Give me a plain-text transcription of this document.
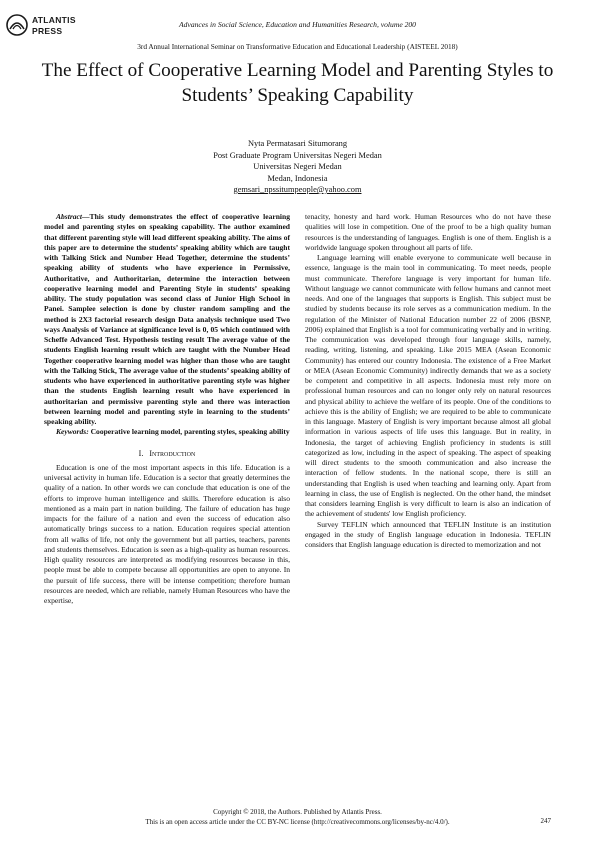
ATLANTIS
PRESS
Advances in Social Science, Education and Humanities Research, volume 200
3rd Annual International Seminar on Transformative Education and Educational Leadership (AISTEEL 2018)
The Effect of Cooperative Learning Model and Parenting Styles to Students’ Speaking Capability
Nyta Permatasari Situmorang
Post Graduate Program Universitas Negeri Medan
Universitas Negeri Medan
Medan, Indonesia
gemsari_npssitumpeople@yahoo.com

Abstract—This study demonstrates the effect of cooperative learning model and parenting styles on speaking capability. The author examined that different parenting style will lead different speaking ability. The aims of this paper are to determine the students’ speaking ability which are taught with Talking Stick and Number Head Together, determine the students’ speaking ability of students who have experience in Permissive, Authoritative, and Authoritarian, determine the interaction between cooperative learning model and Parenting Style in students’ speaking ability. The study population was second class of Junior High School in Panei. Samplee selection is done by cluster random sampling and the method is 2X3 factorial research design Data analysis technique used Two ways Analysis of Variance at significance level is 0, 05 which continued with Scheffe Advanced Test. Hypothesis testing result The average value of the students English learning result which are taught with the Number Head Together cooperative learning model was higher than those who are taught with the Talking Stick, The average value of the students’ speaking ability of students who have experienced in authoritative parenting style was higher than the students English learning result who have experienced in authoritarian and permissive parenting style and there was interaction between learning model and parenting style in learning to the students’ speaking ability.

Keywords: Cooperative learning model, parenting styles, speaking ability

I. Introduction

Education is one of the most important aspects in this life. Education is a universal activity in human life. Education is a sector that greatly determines the quality of a nation. In other words we can conclude that education is one of the efforts to improve human intelligence and skills. Therefore education is also mentioned as a main part in nation building. The failure of education has huge impacts for the failure of a nation and even the success of education also automatically brings success to a nation. Education requires special attention from all walks of life, not only the government but all parties, teachers, parents and students themselves. Education is seen as a high-quality as human resources. High quality resources are interpreted as modifying resources because in this, people must be able to compete because all opportunities are open to anyone. In the pursuit of life success, there will be intense competition; therefore human resources are needed, which are reliable, namely Human Resources who have the expertise,

tenacity, honesty and hard work. Human Resources who do not have these qualities will lose in competition. One of the proof to be a high quality human resources is the understanding of languages. English is one of them. English is a worldwide language spoken throughout all parts of life.

Language learning will enable everyone to communicate well because in essence, language is the main tool in communicating. To meet needs, people must communicate. Therefore language is very important for human life. Without language we cannot communicate with fellow humans and cannot meet needs. And one of the languages that supports is English. This subject must be studied by students because its role serves as a communication medium. In the regulation of the Minister of National Education number 22 of 2006 (BSNP, 2006) explained that English is a tool for communicating verbally and in writing. The communication was developed through four language skills, namely, reading, writing, listening, and speaking. Like 2015 MEA (Asean Economic Community) has entered our country Indonesia. The existence of a Free Market or MEA (Asean Economic Community) indirectly demands that we as a society be competent and competitive in all aspects. Indonesia must rely more on professional human resources and can no longer only rely on natural resources and physical ability to achieve the welfare of its people. One of the conditions to achieve this is the ability of English; we are required to be able to communicate in this language. Mastery of English is very important because almost all global information in various aspects of life uses this language. But in reality, in Indonesia, the target of achieving English proficiency in students is still categorized as low, including in the aspect of speaking. The aspect of speaking will direct students to the smooth communication and also increase the interaction of fellow students. In the national scope, there is still an understanding that English is used when teaching and learning only. Apart from learning in class, the use of English is neglected. On the other hand, the mindset that considers learning English is very difficult to learn is also an indication of the achievement of students' low English proficiency.

Survey TEFLIN which announced that TEFLIN Institute is an institution engaged in the study of English language education in Indonesia. TEFLIN considers that English language education is directed to memorization and not

Copyright © 2018, the Authors. Published by Atlantis Press.
This is an open access article under the CC BY-NC license (http://creativecommons.org/licenses/by-nc/4.0/).	247
